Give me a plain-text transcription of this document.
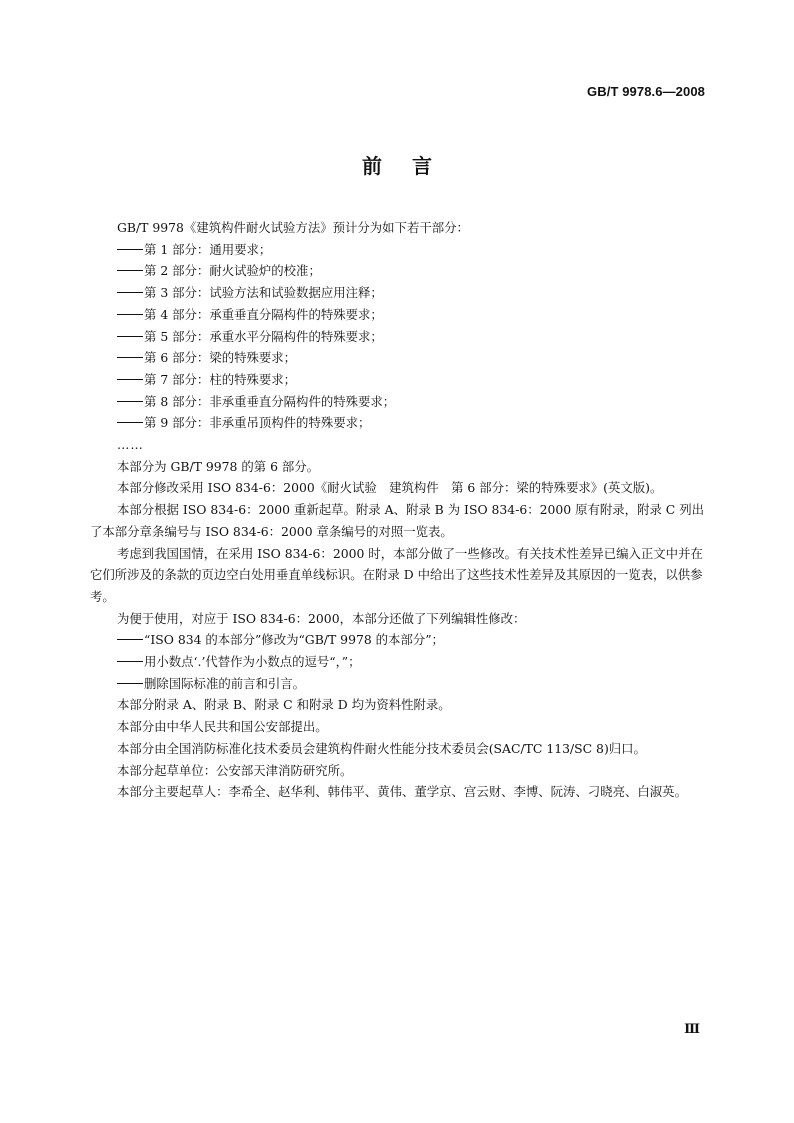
GB/T 9978.6—2008
前言

GB/T 9978《建筑构件耐火试验方法》预计分为如下若干部分：

第 1 部分：通用要求；

第 2 部分：耐火试验炉的校准；

第 3 部分：试验方法和试验数据应用注释；

第 4 部分：承重垂直分隔构件的特殊要求；

第 5 部分：承重水平分隔构件的特殊要求；

第 6 部分：梁的特殊要求；

第 7 部分：柱的特殊要求；

第 8 部分：非承重垂直分隔构件的特殊要求；

第 9 部分：非承重吊顶构件的特殊要求；

……

本部分为 GB/T 9978 的第 6 部分。

本部分修改采用 ISO 834-6：2000《耐火试验　建筑构件　第 6 部分：梁的特殊要求》(英文版)。

本部分根据 ISO 834-6：2000 重新起草。附录 A、附录 B 为 ISO 834-6：2000 原有附录，附录 C 列出了本部分章条编号与 ISO 834-6：2000 章条编号的对照一览表。

考虑到我国国情，在采用 ISO 834-6：2000 时，本部分做了一些修改。有关技术性差异已编入正文中并在它们所涉及的条款的页边空白处用垂直单线标识。在附录 D 中给出了这些技术性差异及其原因的一览表，以供参考。

为便于使用，对应于 ISO 834-6：2000，本部分还做了下列编辑性修改：

“ISO 834 的本部分”修改为“GB/T 9978 的本部分”；

用小数点‘.’代替作为小数点的逗号“，”；

删除国际标准的前言和引言。

本部分附录 A、附录 B、附录 C 和附录 D 均为资料性附录。

本部分由中华人民共和国公安部提出。

本部分由全国消防标准化技术委员会建筑构件耐火性能分技术委员会(SAC/TC 113/SC 8)归口。

本部分起草单位：公安部天津消防研究所。

本部分主要起草人：李希全、赵华利、韩伟平、黄伟、董学京、宫云财、李博、阮涛、刁晓亮、白淑英。

Ⅲ
